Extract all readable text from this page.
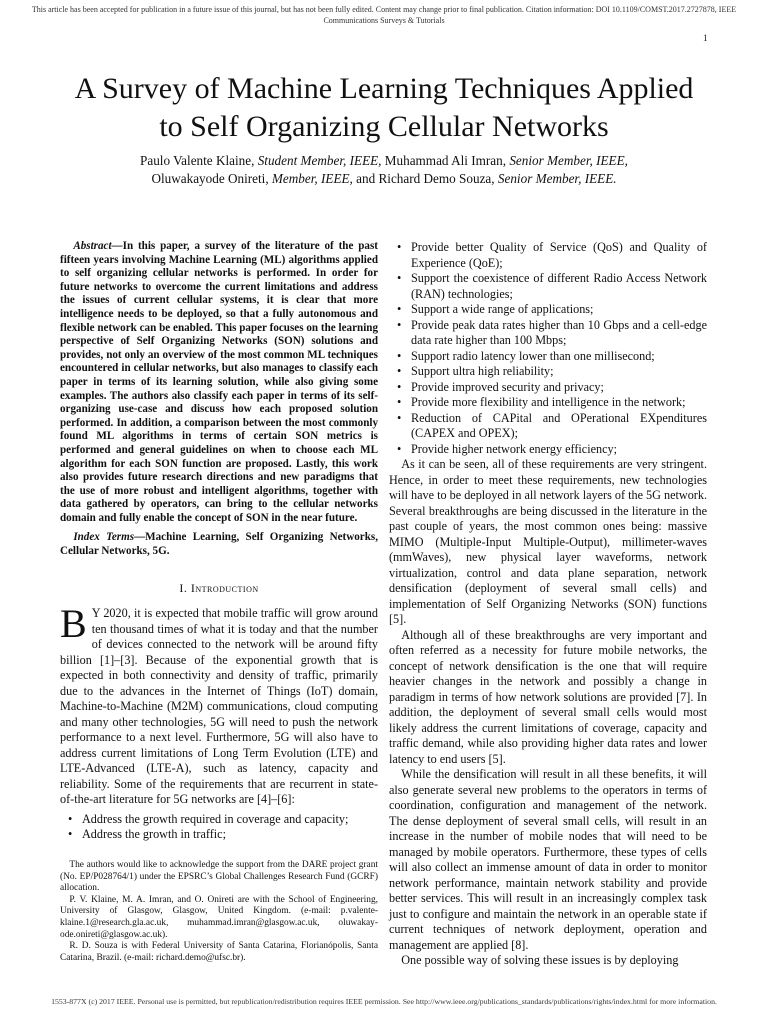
This article has been accepted for publication in a future issue of this journal, but has not been fully edited. Content may change prior to final publication. Citation information: DOI 10.1109/COMST.2017.2727878, IEEE
Communications Surveys & Tutorials
1
A Survey of Machine Learning Techniques Applied
to Self Organizing Cellular Networks
Paulo Valente Klaine, Student Member, IEEE, Muhammad Ali Imran, Senior Member, IEEE,
Oluwakayode Onireti, Member, IEEE, and Richard Demo Souza, Senior Member, IEEE.

Abstract—In this paper, a survey of the literature of the past fifteen years involving Machine Learning (ML) algorithms applied to self organizing cellular networks is performed. In order for future networks to overcome the current limitations and address the issues of current cellular systems, it is clear that more intelligence needs to be deployed, so that a fully autonomous and flexible network can be enabled. This paper focuses on the learning perspective of Self Organizing Networks (SON) solutions and provides, not only an overview of the most common ML techniques encountered in cellular networks, but also manages to classify each paper in terms of its learning solution, while also giving some examples. The authors also classify each paper in terms of its self-organizing use-case and discuss how each proposed solution performed. In addition, a comparison between the most commonly found ML algorithms in terms of certain SON metrics is performed and general guidelines on when to choose each ML algorithm for each SON function are proposed. Lastly, this work also provides future research directions and new paradigms that the use of more robust and intelligent algorithms, together with data gathered by operators, can bring to the cellular networks domain and fully enable the concept of SON in the near future.

Index Terms—Machine Learning, Self Organizing Networks, Cellular Networks, 5G.

I. Introduction

B Y 2020, it is expected that mobile traffic will grow around ten thousand times of what it is today and that the number of devices connected to the network will be around fifty billion [1]–[3]. Because of the exponential growth that is expected in both connectivity and density of traffic, primarily due to the advances in the Internet of Things (IoT) domain, Machine-to-Machine (M2M) communications, cloud computing and many other technologies, 5G will need to push the network performance to a next level. Furthermore, 5G will also have to address current limitations of Long Term Evolution (LTE) and LTE-Advanced (LTE-A), such as latency, capacity and reliability. Some of the requirements that are recurrent in state-of-the-art literature for 5G networks are [4]–[6]:

• Address the growth required in coverage and capacity;
• Address the growth in traffic;

The authors would like to acknowledge the support from the DARE project grant (No. EP/P028764/1) under the EPSRC’s Global Challenges Research Fund (GCRF) allocation.

P. V. Klaine, M. A. Imran, and O. Onireti are with the School of Engineering, University of Glasgow, Glasgow, United Kingdom. (e-mail: p.valente-klaine.1@research.gla.ac.uk, muhammad.imran@glasgow.ac.uk, oluwakay-ode.onireti@glasgow.ac.uk).

R. D. Souza is with Federal University of Santa Catarina, Florianópolis, Santa Catarina, Brazil. (e-mail: richard.demo@ufsc.br).

• Provide better Quality of Service (QoS) and Quality of Experience (QoE);
• Support the coexistence of different Radio Access Network (RAN) technologies;
• Support a wide range of applications;
• Provide peak data rates higher than 10 Gbps and a cell-edge data rate higher than 100 Mbps;
• Support radio latency lower than one millisecond;
• Support ultra high reliability;
• Provide improved security and privacy;
• Provide more flexibility and intelligence in the network;
• Reduction of CAPital and OPerational EXpenditures (CAPEX and OPEX);
• Provide higher network energy efficiency;

As it can be seen, all of these requirements are very stringent. Hence, in order to meet these requirements, new technologies will have to be deployed in all network layers of the 5G network. Several breakthroughs are being discussed in the literature in the past couple of years, the most common ones being: massive MIMO (Multiple-Input Multiple-Output), millimeter-waves (mmWaves), new physical layer waveforms, network virtualization, control and data plane separation, network densification (deployment of several small cells) and implementation of Self Organizing Networks (SON) functions [5].

Although all of these breakthroughs are very important and often referred as a necessity for future mobile networks, the concept of network densification is the one that will require heavier changes in the network and possibly a change in paradigm in terms of how network solutions are provided [7]. In addition, the deployment of several small cells would most likely address the current limitations of coverage, capacity and traffic demand, while also providing higher data rates and lower latency to end users [5].

While the densification will result in all these benefits, it will also generate several new problems to the operators in terms of coordination, configuration and management of the network. The dense deployment of several small cells, will result in an increase in the number of mobile nodes that will need to be managed by mobile operators. Furthermore, these types of cells will also collect an immense amount of data in order to monitor network performance, maintain network stability and provide better services. This will result in an increasingly complex task just to configure and maintain the network in an operable state if current techniques of network deployment, operation and management are applied [8].

One possible way of solving these issues is by deploying

1553-877X (c) 2017 IEEE. Personal use is permitted, but republication/redistribution requires IEEE permission. See http://www.ieee.org/publications_standards/publications/rights/index.html for more information.
